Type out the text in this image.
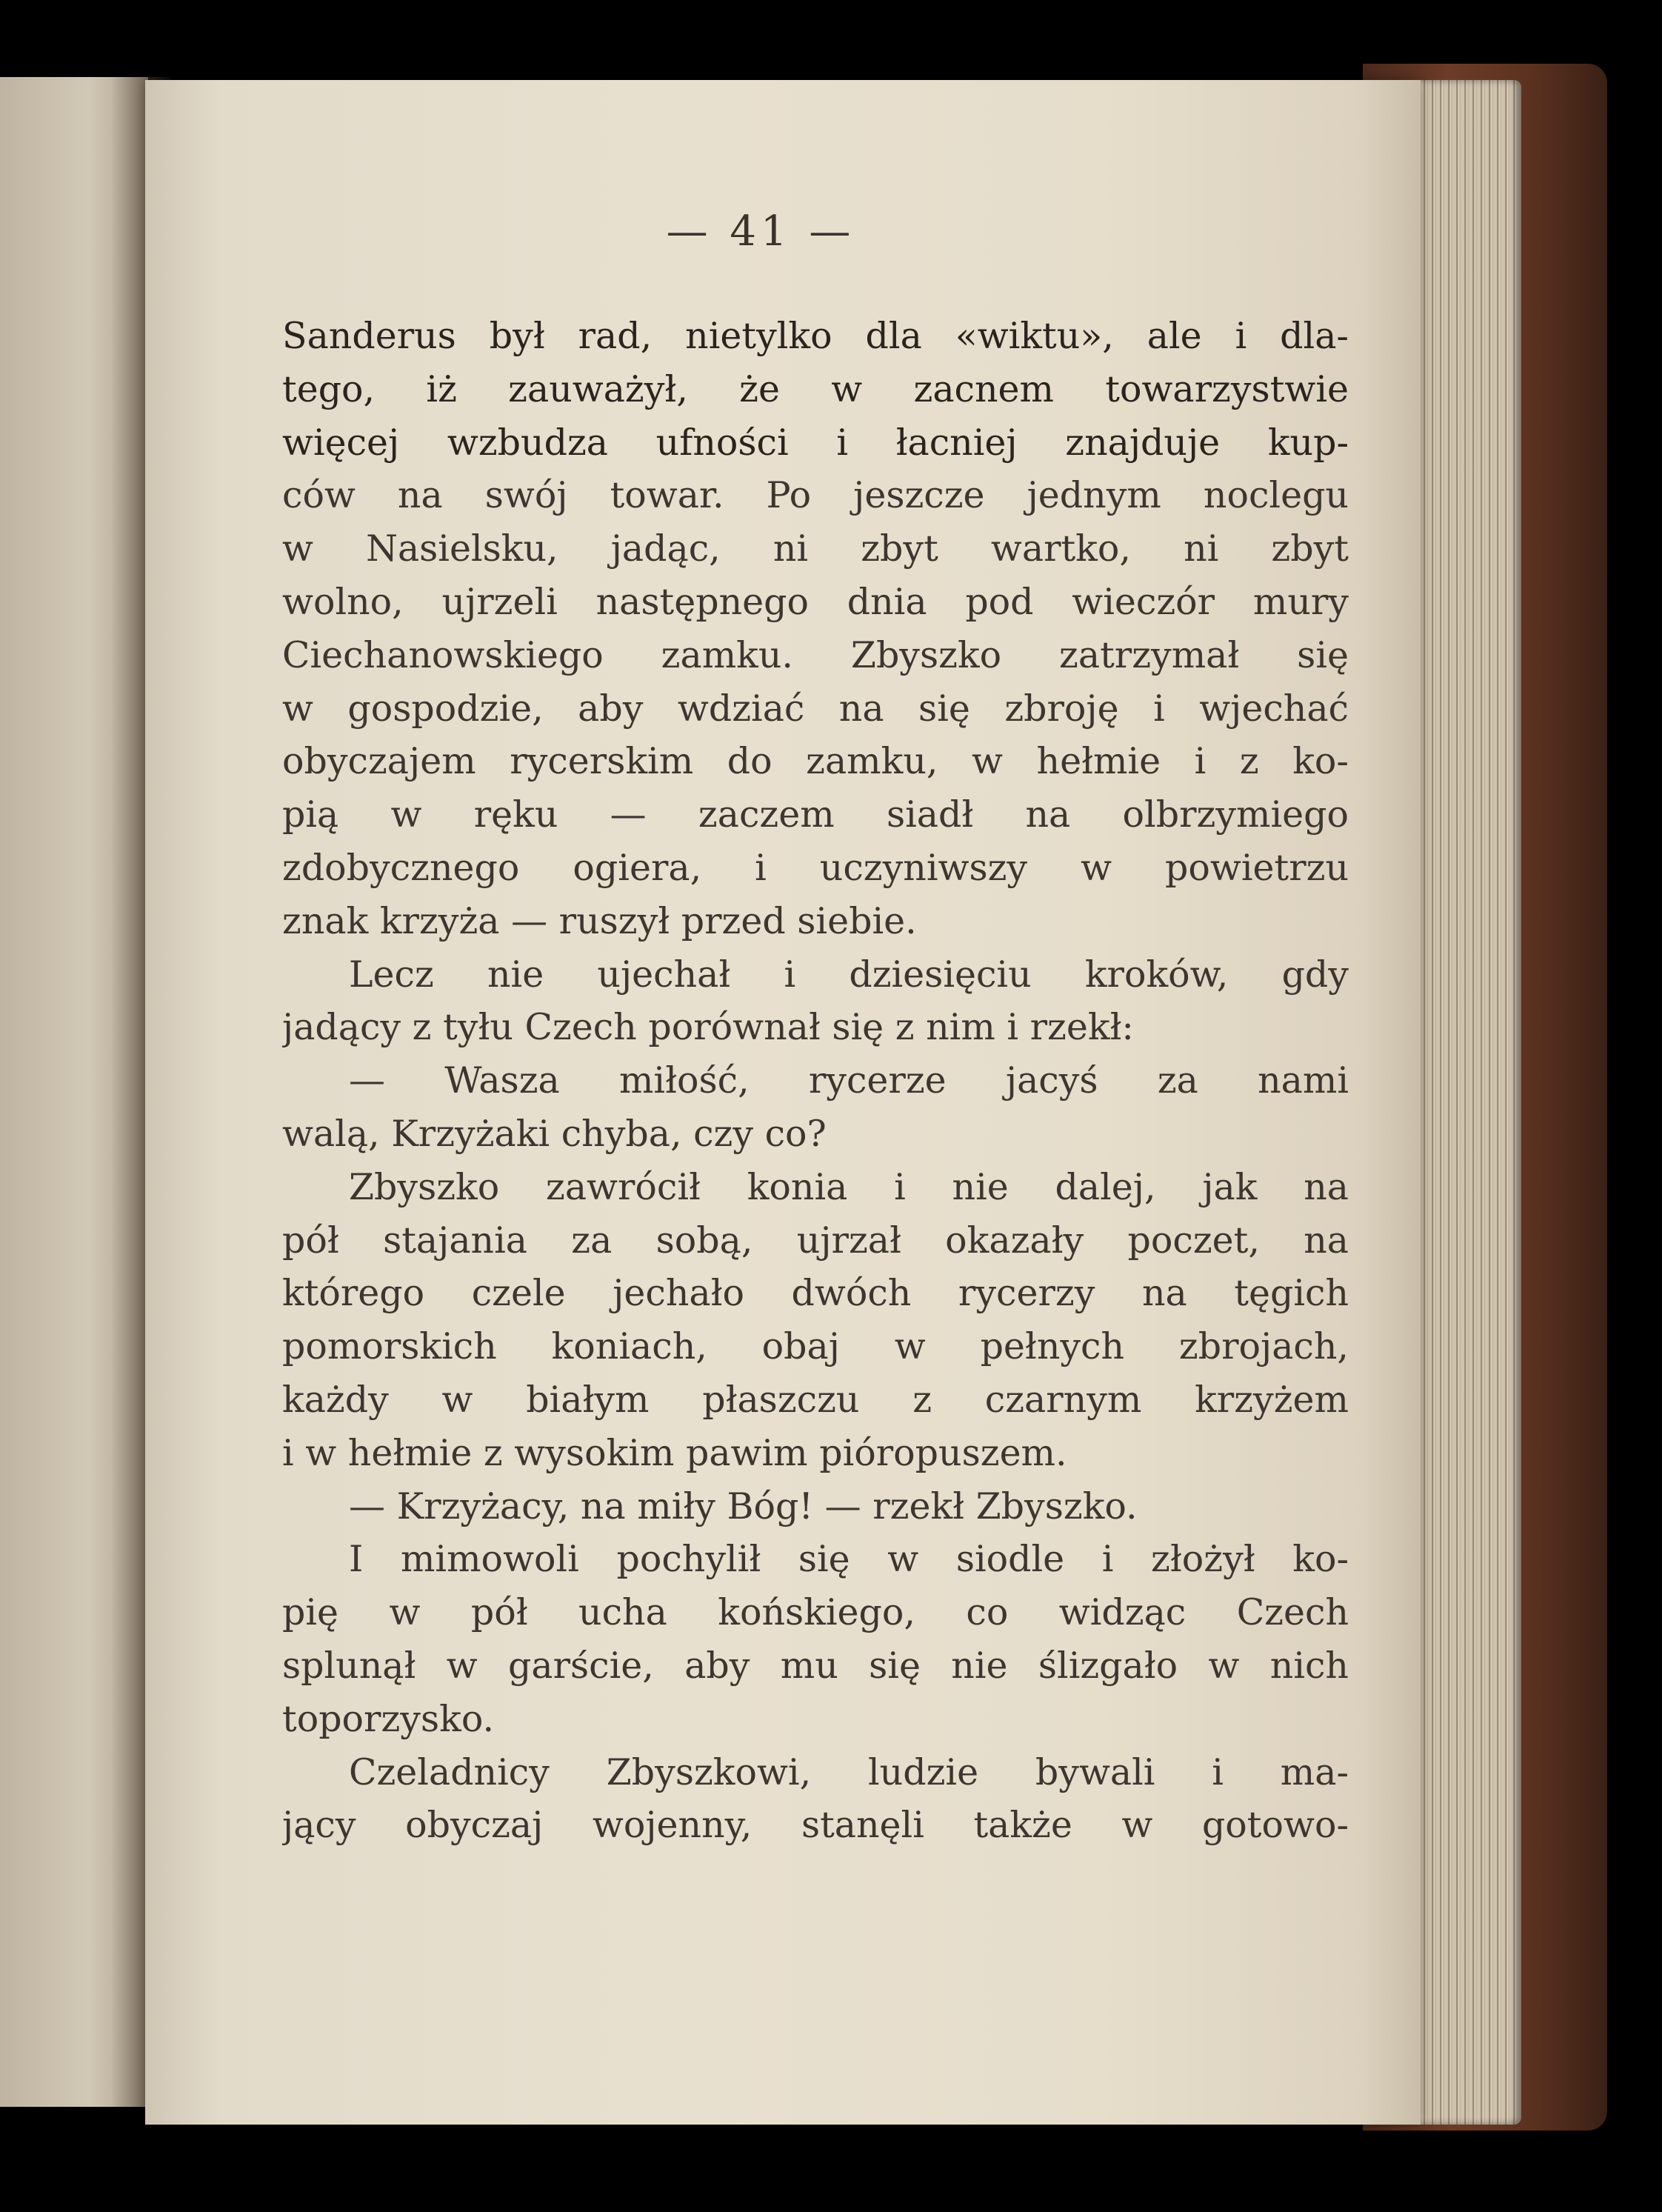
— 41 —
Sanderus był rad, nietylko dla «wiktu», ale i dla-
tego, iż zauważył, że w zacnem towarzystwie
więcej wzbudza ufności i łacniej znajduje kup-
ców na swój towar. Po jeszcze jednym noclegu
w Nasielsku, jadąc, ni zbyt wartko, ni zbyt
wolno, ujrzeli następnego dnia pod wieczór mury
Ciechanowskiego zamku. Zbyszko zatrzymał się
w gospodzie, aby wdziać na się zbroję i wjechać
obyczajem rycerskim do zamku, w hełmie i z ko-
pią w ręku — zaczem siadł na olbrzymiego
zdobycznego ogiera, i uczyniwszy w powietrzu
znak krzyża — ruszył przed siebie.
Lecz nie ujechał i dziesięciu kroków, gdy
jadący z tyłu Czech porównał się z nim i rzekł:
— Wasza miłość, rycerze jacyś za nami
walą, Krzyżaki chyba, czy co?
Zbyszko zawrócił konia i nie dalej, jak na
pół stajania za sobą, ujrzał okazały poczet, na
którego czele jechało dwóch rycerzy na tęgich
pomorskich koniach, obaj w pełnych zbrojach,
każdy w białym płaszczu z czarnym krzyżem
i w hełmie z wysokim pawim pióropuszem.
— Krzyżacy, na miły Bóg! — rzekł Zbyszko.
I mimowoli pochylił się w siodle i złożył ko-
pię w pół ucha końskiego, co widząc Czech
splunął w garście, aby mu się nie ślizgało w nich
toporzysko.
Czeladnicy Zbyszkowi, ludzie bywali i ma-
jący obyczaj wojenny, stanęli także w gotowo-
